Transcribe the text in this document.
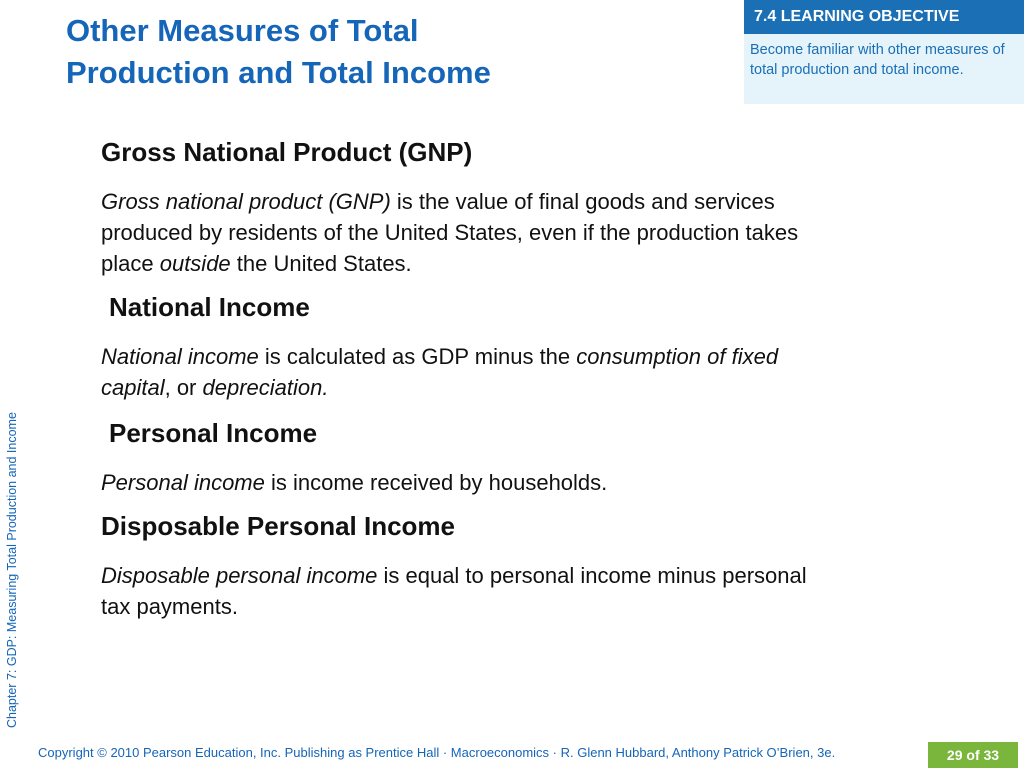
Other Measures of Total
Production and Total Income
7.4 LEARNING OBJECTIVE
Become familiar with other measures of total production and total income.
Chapter 7: GDP: Measuring Total Production and Income
Gross National Product (GNP)

Gross national product (GNP) is the value of final goods and services produced by residents of the United States, even if the production takes place outside the United States.

National Income

National income is calculated as GDP minus the consumption of fixed capital, or depreciation.

Personal Income

Personal income is income received by households.

Disposable Personal Income

Disposable personal income is equal to personal income minus personal tax payments.

Copyright © 2010 Pearson Education, Inc. Publishing as Prentice Hall · Macroeconomics · R. Glenn Hubbard, Anthony Patrick O’Brien, 3e.	29 of 33
